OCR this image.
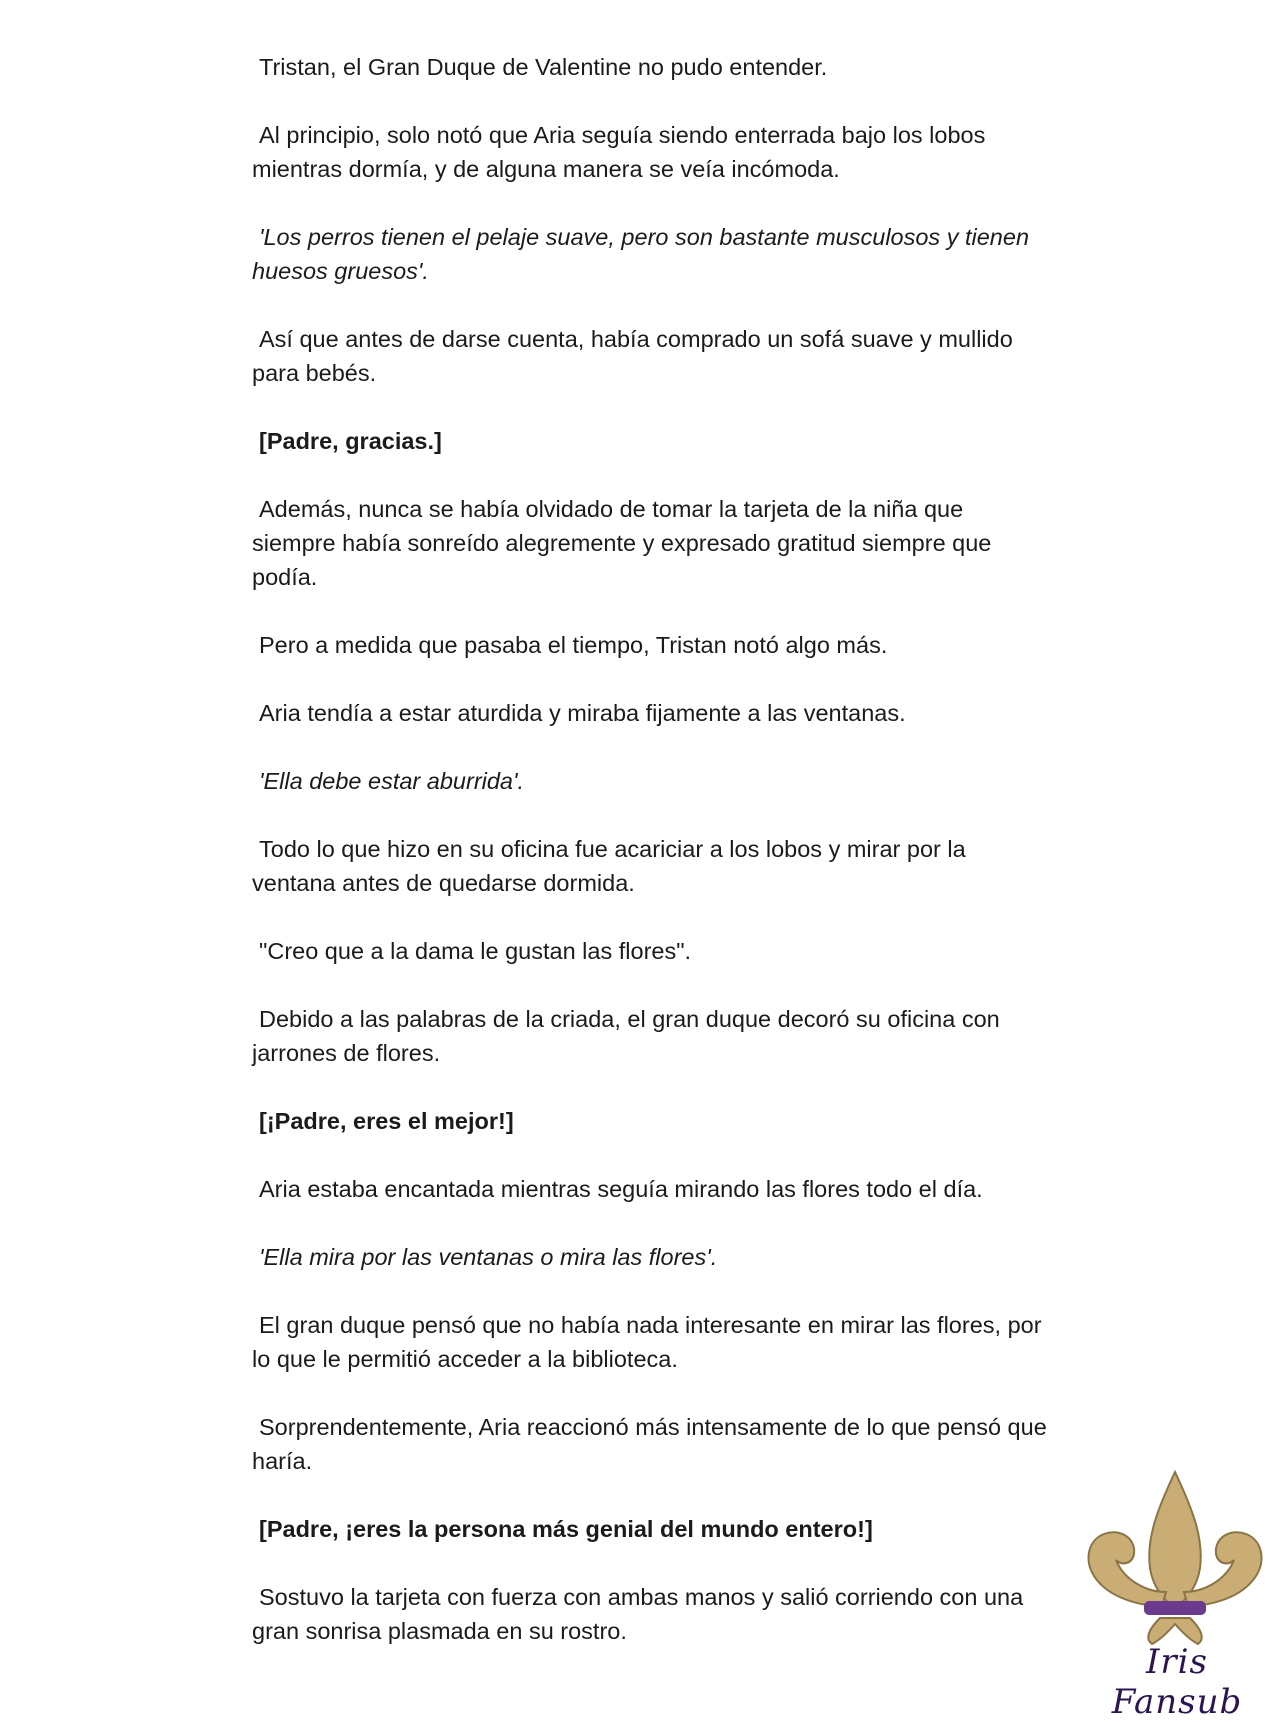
Tristan, el Gran Duque de Valentine no pudo entender.

Al principio, solo notó que Aria seguía siendo enterrada bajo los lobos mientras dormía, y de alguna manera se veía incómoda.

'Los perros tienen el pelaje suave, pero son bastante musculosos y tienen huesos gruesos'.

Así que antes de darse cuenta, había comprado un sofá suave y mullido para bebés.

[Padre, gracias.]

Además, nunca se había olvidado de tomar la tarjeta de la niña que siempre había sonreído alegremente y expresado gratitud siempre que podía.

Pero a medida que pasaba el tiempo, Tristan notó algo más.

Aria tendía a estar aturdida y miraba fijamente a las ventanas.

'Ella debe estar aburrida'.

Todo lo que hizo en su oficina fue acariciar a los lobos y mirar por la ventana antes de quedarse dormida.

"Creo que a la dama le gustan las flores".

Debido a las palabras de la criada, el gran duque decoró su oficina con jarrones de flores.

[¡Padre, eres el mejor!]

Aria estaba encantada mientras seguía mirando las flores todo el día.

'Ella mira por las ventanas o mira las flores'.

El gran duque pensó que no había nada interesante en mirar las flores, por lo que le permitió acceder a la biblioteca.

Sorprendentemente, Aria reaccionó más intensamente de lo que pensó que haría.

[Padre, ¡eres la persona más genial del mundo entero!]

Sostuvo la tarjeta con fuerza con ambas manos y salió corriendo con una gran sonrisa plasmada en su rostro.

Iris Fansub
